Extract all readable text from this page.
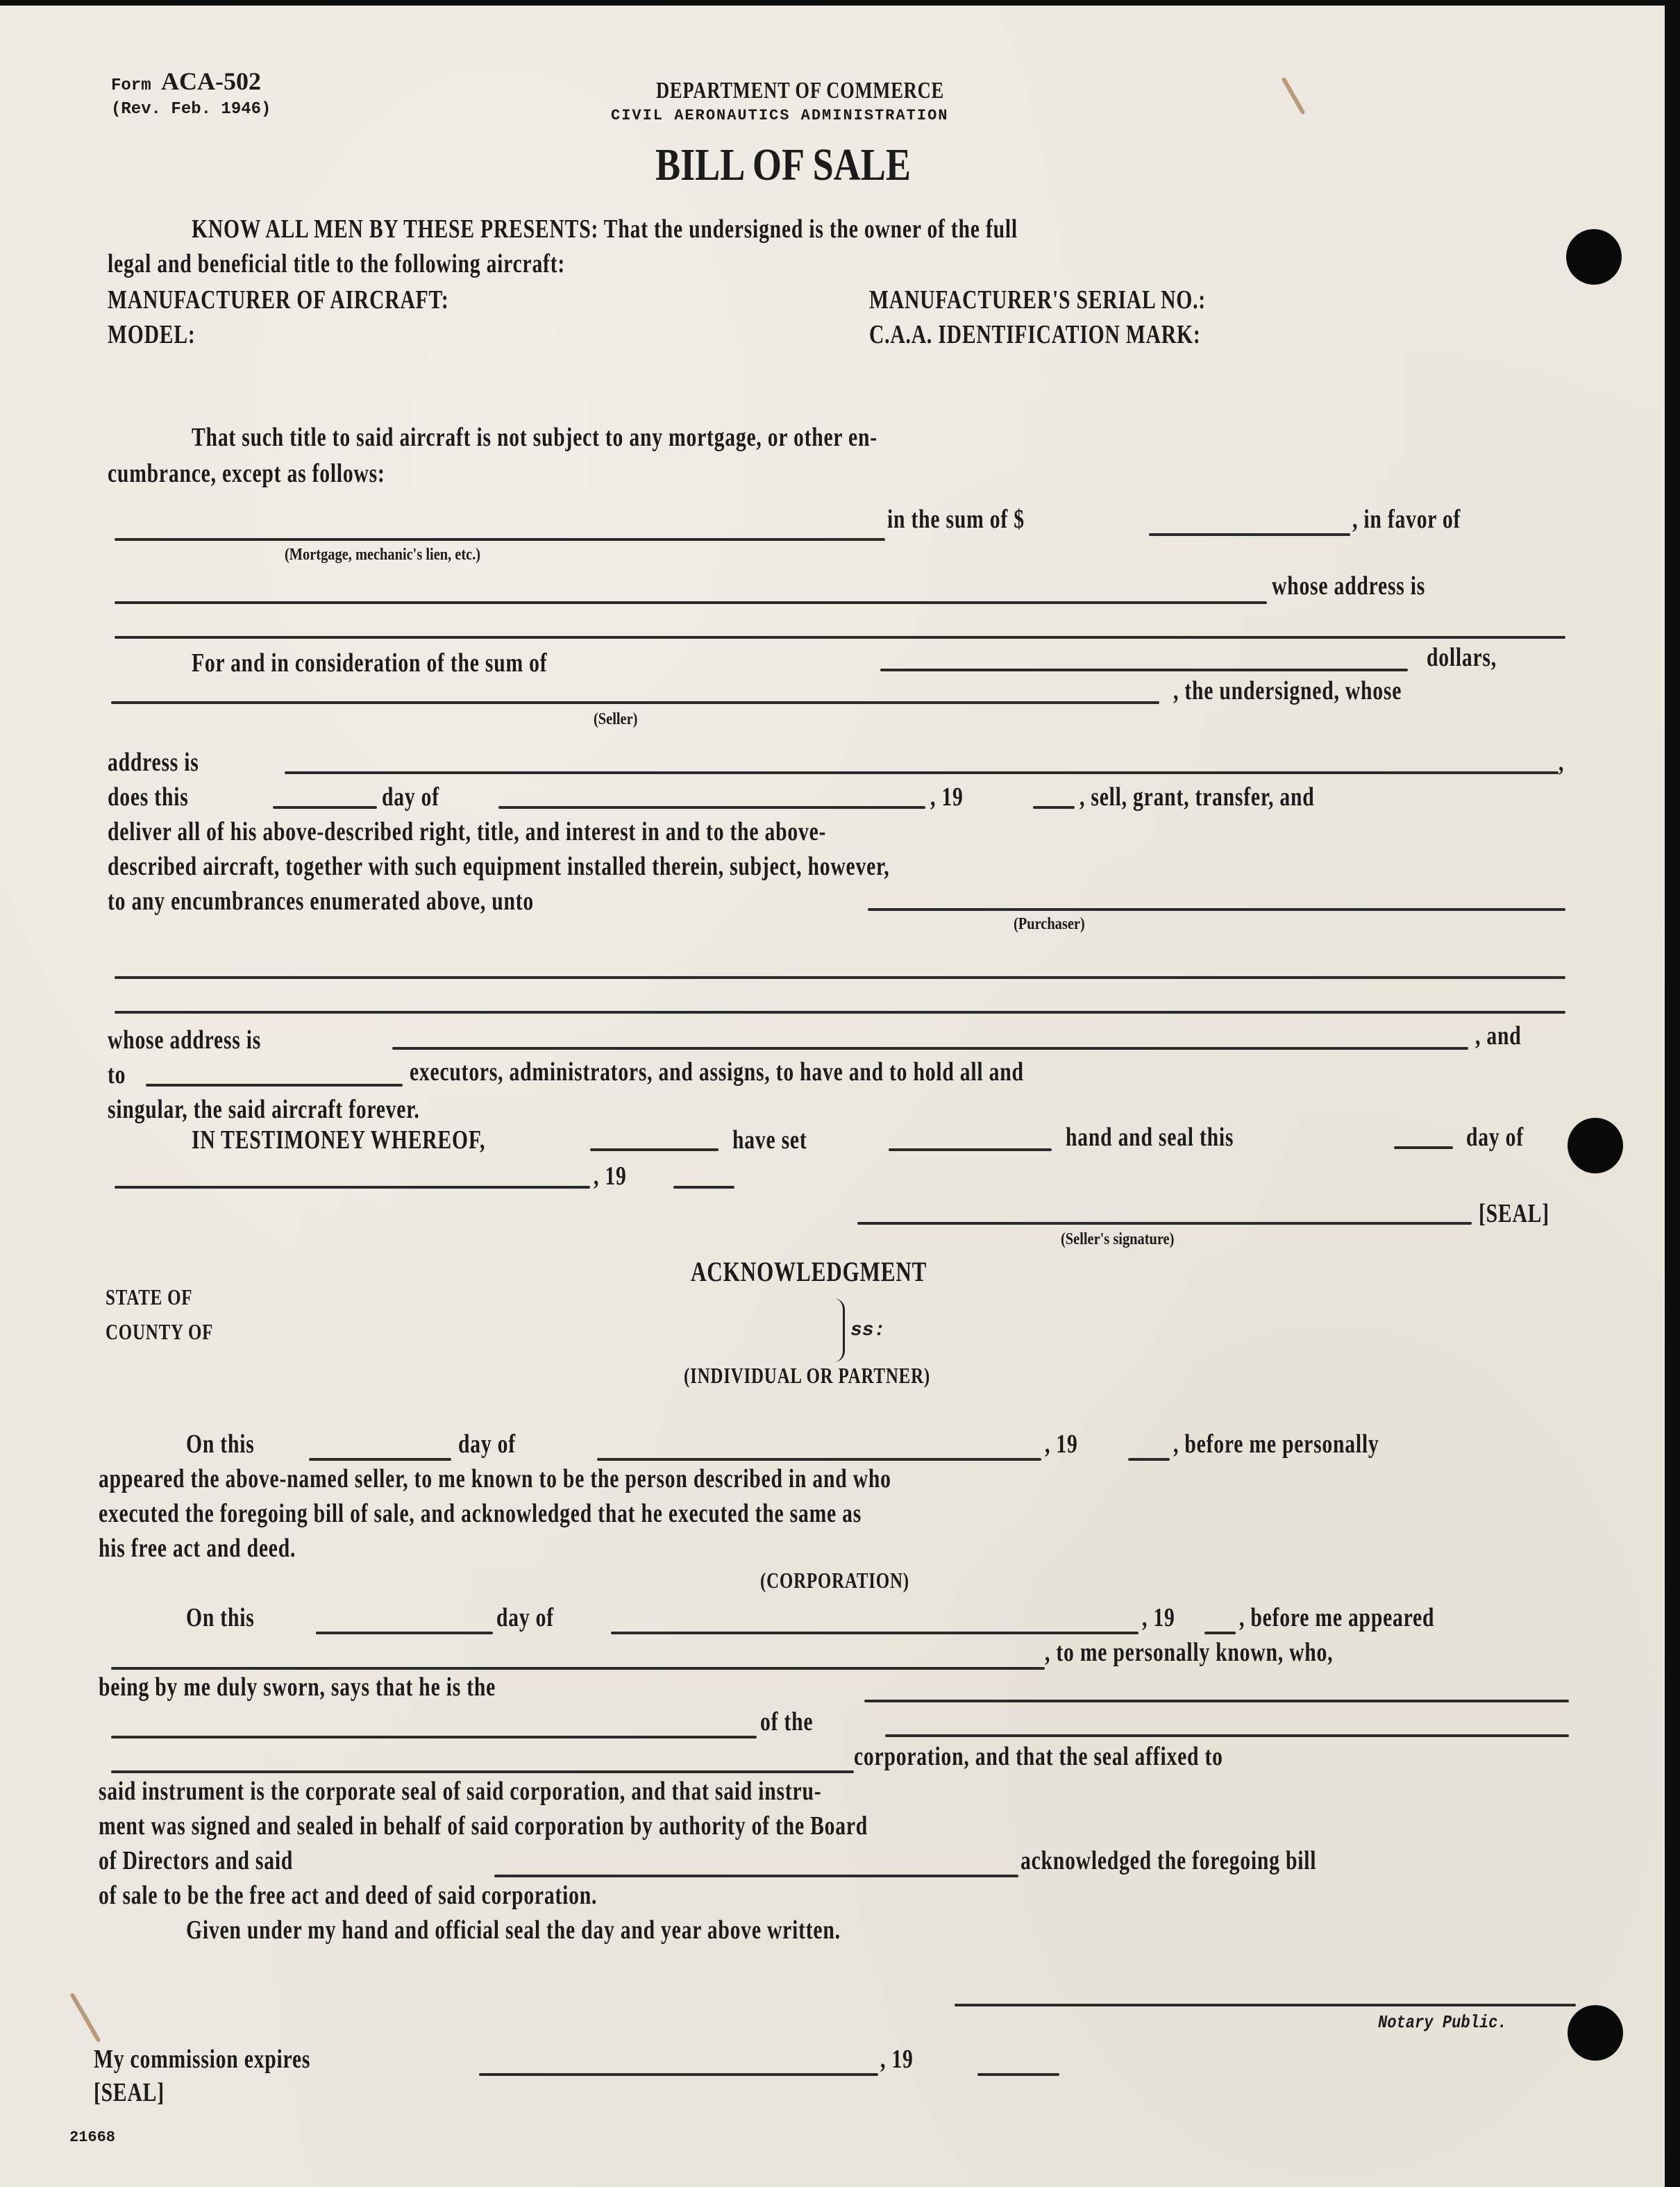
Form ACA-502
(Rev. Feb. 1946)
DEPARTMENT OF COMMERCE
CIVIL AERONAUTICS ADMINISTRATION
BILL OF SALE
KNOW ALL MEN BY THESE PRESENTS: That the undersigned is the owner of the full
legal and beneficial title to the following aircraft:
MANUFACTURER OF AIRCRAFT:	MANUFACTURER'S SERIAL NO.:
MODEL:	C.A.A. IDENTIFICATION MARK:
That such title to said aircraft is not subject to any mortgage, or other en-
cumbrance, except as follows:
in the sum of $	, in favor of
(Mortgage, mechanic's lien, etc.)
whose address is
For and in consideration of the sum of	dollars,
, the undersigned, whose
(Seller)
address is	,
does this	day of	, 19	, sell, grant, transfer, and
deliver all of his above-described right, title, and interest in and to the above-
described aircraft, together with such equipment installed therein, subject, however,
to any encumbrances enumerated above, unto
(Purchaser)
whose address is	, and
to	executors, administrators, and assigns, to have and to hold all and
singular, the said aircraft forever.
IN TESTIMONEY WHEREOF,	have set	hand and seal this	day of
, 19
[SEAL]
(Seller's signature)
ACKNOWLEDGMENT
STATE OF
COUNTY OF	ss:
(INDIVIDUAL OR PARTNER)
On this	day of	, 19	, before me personally
appeared the above-named seller, to me known to be the person described in and who
executed the foregoing bill of sale, and acknowledged that he executed the same as
his free act and deed.
(CORPORATION)
On this	day of	, 19 , before me appeared
, to me personally known, who,
being by me duly sworn, says that he is the
of the
corporation, and that the seal affixed to
said instrument is the corporate seal of said corporation, and that said instru-
ment was signed and sealed in behalf of said corporation by authority of the Board
of Directors and said	acknowledged the foregoing bill
of sale to be the free act and deed of said corporation.
Given under my hand and official seal the day and year above written.
Notary Public.
My commission expires	, 19
[SEAL]
21668
